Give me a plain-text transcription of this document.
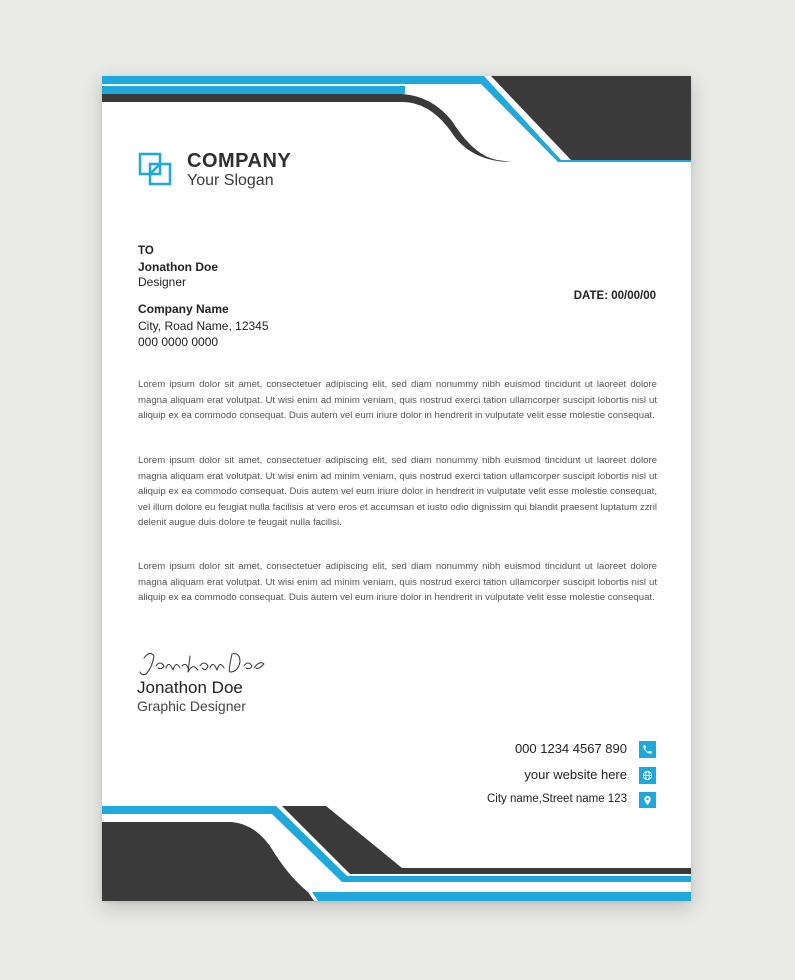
COMPANY
Your Slogan
TO
Jonathon Doe
Designer
Company Name
City, Road Name, 12345
000 0000 0000
DATE: 00/00/00

Lorem ipsum dolor sit amet, consectetuer adipiscing elit, sed diam nonummy nibh euismod tincidunt ut laoreet dolore magna aliquam erat volutpat. Ut wisi enim ad minim veniam, quis nostrud exerci tation ullamcorper suscipit lobortis nisl ut aliquip ex ea commodo consequat. Duis autem vel eum iriure dolor in hendrerit in vulputate velit esse molestie consequat.

Lorem ipsum dolor sit amet, consectetuer adipiscing elit, sed diam nonummy nibh euismod tincidunt ut laoreet dolore magna aliquam erat volutpat. Ut wisi enim ad minim veniam, quis nostrud exerci tation ullamcorper suscipit lobortis nisl ut aliquip ex ea commodo consequat. Duis autem vel eum iriure dolor in hendrerit in vulputate velit esse molestie consequat, vel illum dolore eu feugiat nulla facilisis at vero eros et accumsan et iusto odio dignissim qui blandit praesent luptatum zzril delenit augue duis dolore te feugait nulla facilisi.

Lorem ipsum dolor sit amet, consectetuer adipiscing elit, sed diam nonummy nibh euismod tincidunt ut laoreet dolore magna aliquam erat volutpat. Ut wisi enim ad minim veniam, quis nostrud exerci tation ullamcorper suscipit lobortis nisl ut aliquip ex ea commodo consequat. Duis autem vel eum iriure dolor in hendrerit in vulputate velit esse molestie consequat.

Jonathon Doe
Graphic Designer
000 1234 4567 890
your website here
City name,Street name 123
